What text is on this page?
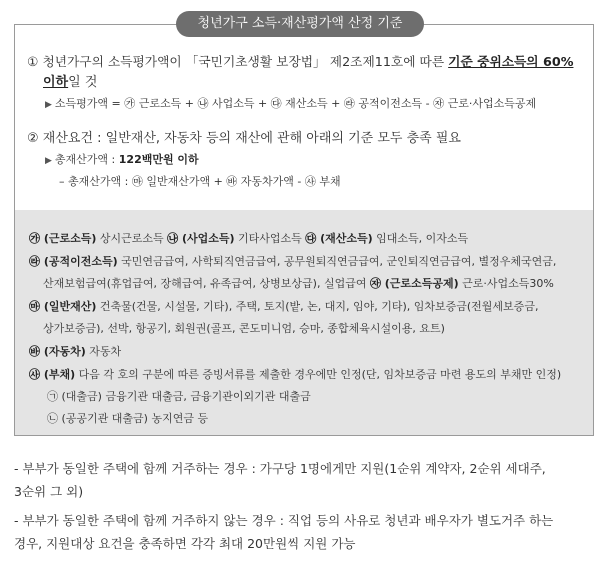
청년가구 소득·재산평가액 산정 기준
① 청년가구의 소득평가액이 「국민기초생활 보장법」 제2조제11호에 따른 기준 중위소득의 60%
이하일 것
▶ 소득평가액 = ㉮ 근로소득 + ㉯ 사업소득 + ㉰ 재산소득 + ㉱ 공적이전소득 - ㉶ 근로·사업소득공제
② 재산요건 : 일반재산, 자동차 등의 재산에 관해 아래의 기준 모두 충족 필요
▶ 총재산가액 : 122백만원 이하
– 총재산가액 : ㉲ 일반재산가액 + ㉳ 자동차가액 - ㉴ 부채
㉮ (근로소득) 상시근로소득 ㉯ (사업소득) 기타사업소득 ㉰ (재산소득) 임대소득, 이자소득
㉱ (공적이전소득) 국민연금급여, 사학퇴직연금급여, 공무원퇴직연금급여, 군인퇴직연금급여, 별정우체국연금,
산재보험급여(휴업급여, 장해급여, 유족급여, 상병보상급), 실업급여 ㉶ (근로소득공제) 근로·사업소득30%
㉲ (일반재산) 건축물(건물, 시설물, 기타), 주택, 토지(밭, 논, 대지, 임야, 기타), 임차보증금(전월세보증금,
상가보증금), 선박, 항공기, 회원권(골프, 콘도미니엄, 승마, 종합체육시설이용, 요트)
㉳ (자동차) 자동차
㉴ (부채) 다음 각 호의 구분에 따른 증빙서류를 제출한 경우에만 인정(단, 임차보증금 마련 용도의 부채만 인정)
㉠ (대출금) 금융기관 대출금, 금융기관이외기관 대출금
㉡ (공공기관 대출금) 농지연금 등
- 부부가 동일한 주택에 함께 거주하는 경우 : 가구당 1명에게만 지원(1순위 계약자, 2순위 세대주,
3순위 그 외)
- 부부가 동일한 주택에 함께 거주하지 않는 경우 : 직업 등의 사유로 청년과 배우자가 별도거주 하는
경우, 지원대상 요건을 충족하면 각각 최대 20만원씩 지원 가능
